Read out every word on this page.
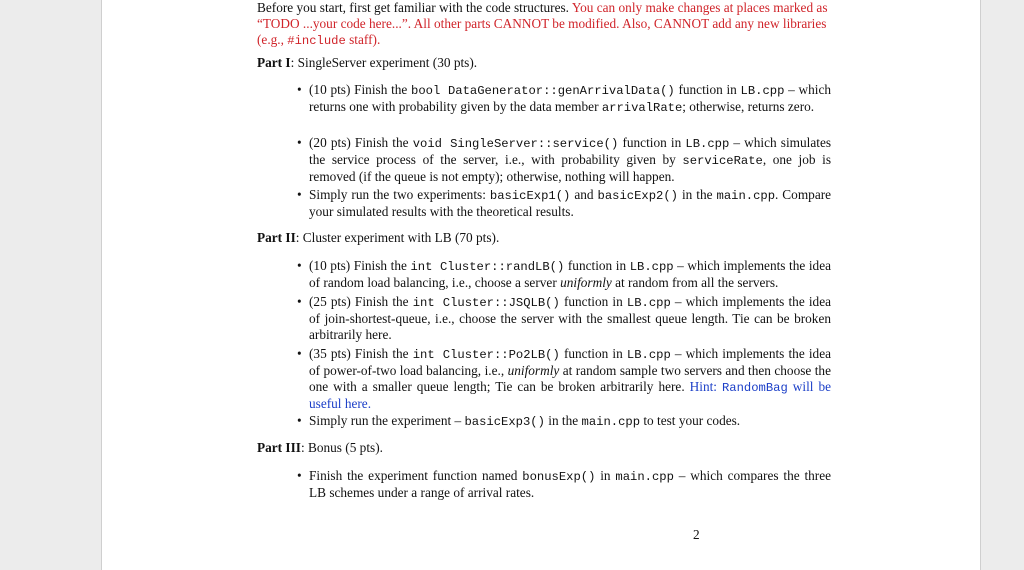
Before you start, first get familiar with the code structures. You can only make changes at places marked as “TODO ...your code here...”. All other parts CANNOT be modified. Also, CANNOT add any new libraries (e.g., #include staff).

Part I: SingleServer experiment (30 pts).

• (10 pts) Finish the bool DataGenerator::genArrivalData() function in LB.cpp – which returns one with probability given by the data member arrivalRate; otherwise, returns zero.
• (20 pts) Finish the void SingleServer::service() function in LB.cpp – which simulates the service process of the server, i.e., with probability given by serviceRate, one job is removed (if the queue is not empty); otherwise, nothing will happen.
• Simply run the two experiments: basicExp1() and basicExp2() in the main.cpp. Compare your simulated results with the theoretical results.

Part II: Cluster experiment with LB (70 pts).

• (10 pts) Finish the int Cluster::randLB() function in LB.cpp – which implements the idea of random load balancing, i.e., choose a server uniformly at random from all the servers.
• (25 pts) Finish the int Cluster::JSQLB() function in LB.cpp – which implements the idea of join-shortest-queue, i.e., choose the server with the smallest queue length. Tie can be broken arbitrarily here.
• (35 pts) Finish the int Cluster::Po2LB() function in LB.cpp – which implements the idea of power-of-two load balancing, i.e., uniformly at random sample two servers and then choose the one with a smaller queue length; Tie can be broken arbitrarily here. Hint: RandomBag will be useful here.
• Simply run the experiment – basicExp3() in the main.cpp to test your codes.

Part III: Bonus (5 pts).

• Finish the experiment function named bonusExp() in main.cpp – which compares the three LB schemes under a range of arrival rates.
2
